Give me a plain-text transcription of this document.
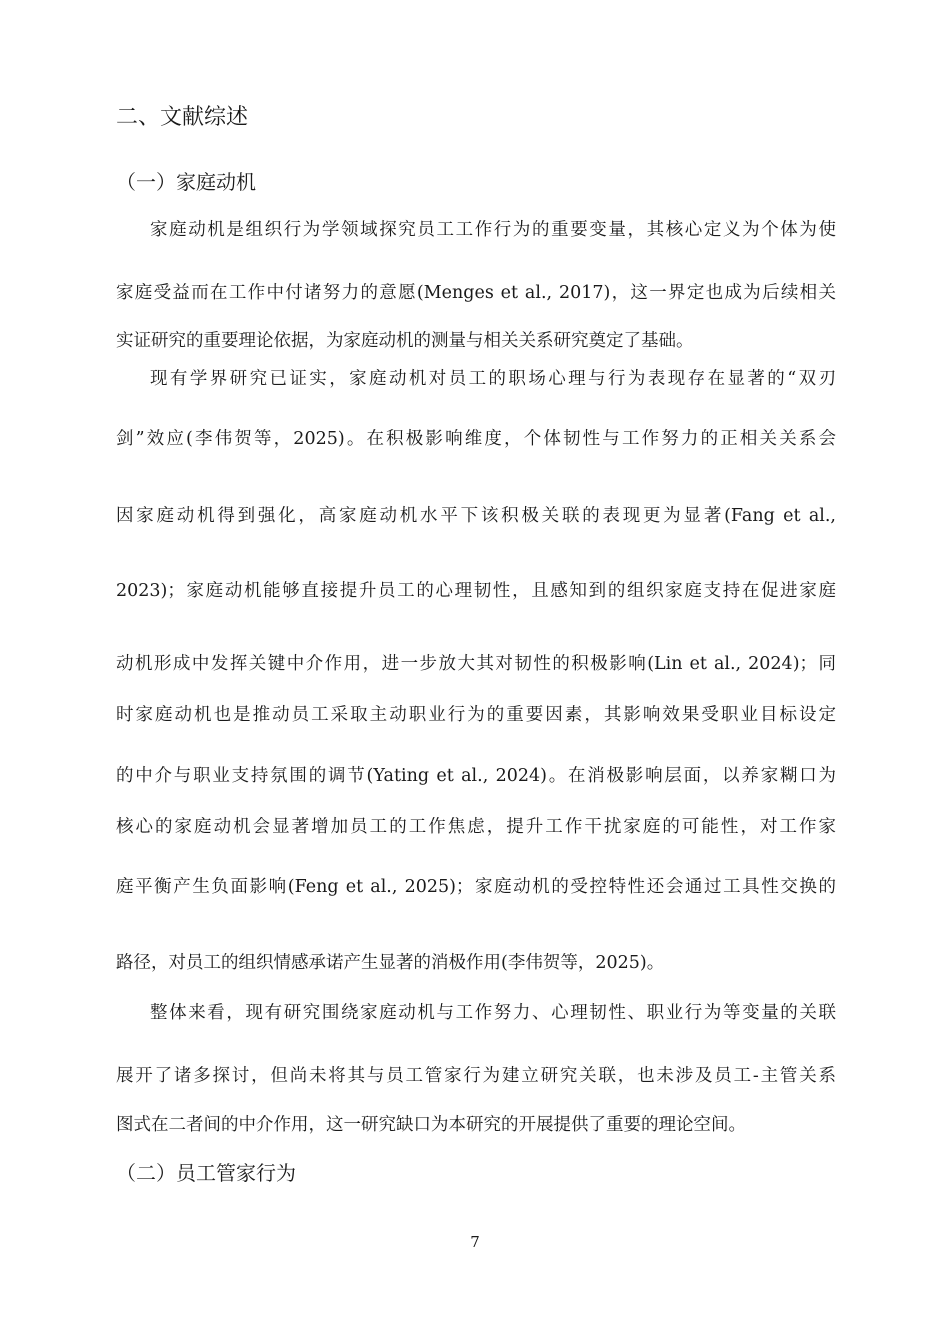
二、文献综述
（一）家庭动机
家庭动机是组织行为学领域探究员工工作行为的重要变量，其核心定义为个体为使
家庭受益而在工作中付诸努力的意愿(Menges et al., 2017)，这一界定也成为后续相关
实证研究的重要理论依据，为家庭动机的测量与相关关系研究奠定了基础。
现有学界研究已证实，家庭动机对员工的职场心理与行为表现存在显著的“双刃
剑”效应(李伟贺等，2025)。在积极影响维度，个体韧性与工作努力的正相关关系会
因家庭动机得到强化，高家庭动机水平下该积极关联的表现更为显著(Fang et al.,
2023)；家庭动机能够直接提升员工的心理韧性，且感知到的组织家庭支持在促进家庭
动机形成中发挥关键中介作用，进一步放大其对韧性的积极影响(Lin et al., 2024)；同
时家庭动机也是推动员工采取主动职业行为的重要因素，其影响效果受职业目标设定
的中介与职业支持氛围的调节(Yating et al., 2024)。在消极影响层面，以养家糊口为
核心的家庭动机会显著增加员工的工作焦虑，提升工作干扰家庭的可能性，对工作家
庭平衡产生负面影响(Feng et al., 2025)；家庭动机的受控特性还会通过工具性交换的
路径，对员工的组织情感承诺产生显著的消极作用(李伟贺等，2025)。
整体来看，现有研究围绕家庭动机与工作努力、心理韧性、职业行为等变量的关联
展开了诸多探讨，但尚未将其与员工管家行为建立研究关联，也未涉及员工-主管关系
图式在二者间的中介作用，这一研究缺口为本研究的开展提供了重要的理论空间。
（二）员工管家行为
7
